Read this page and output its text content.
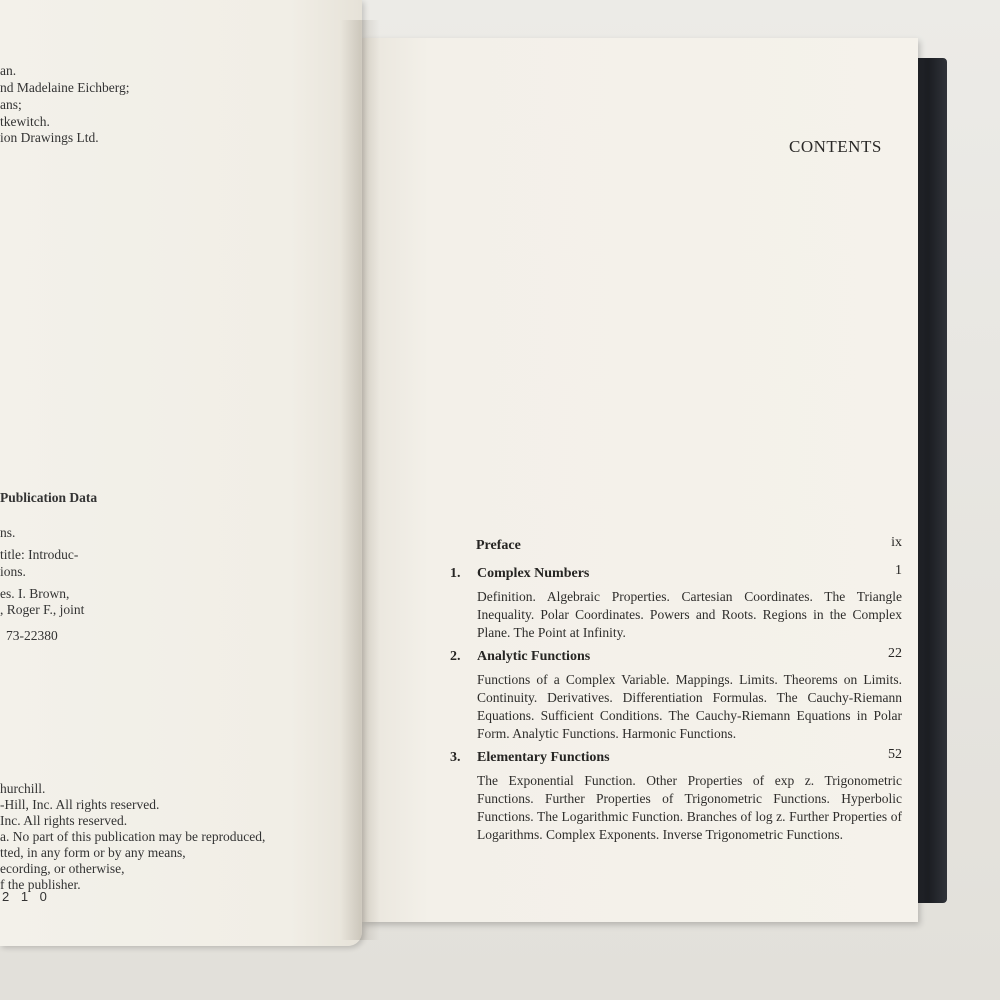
an.
nd Madelaine Eichberg;
ans;
tkewitch.
ion Drawings Ltd.
Publication Data
ns.
title: Introduc-
ions.
es. I. Brown,
, Roger F., joint
73-22380
hurchill.
-Hill, Inc. All rights reserved.
Inc. All rights reserved.
a. No part of this publication may be reproduced,
tted, in any form or by any means,
ecording, or otherwise,
f the publisher.
2 1 0
CONTENTS
Preface	ix
1.	Complex Numbers	1
Definition. Algebraic Properties. Cartesian Coordinates. The Triangle Inequality. Polar Coordinates. Powers and Roots. Regions in the Complex Plane. The Point at Infinity.
2.	Analytic Functions	22
Functions of a Complex Variable. Mappings. Limits. Theorems on Limits. Continuity. Derivatives. Differentiation Formulas. The Cauchy-Riemann Equations. Sufficient Conditions. The Cauchy-Riemann Equations in Polar Form. Analytic Functions. Harmonic Functions.
3.	Elementary Functions	52
The Exponential Function. Other Properties of exp z. Trigonometric Functions. Further Properties of Trigonometric Functions. Hyperbolic Functions. The Logarithmic Function. Branches of log z. Further Properties of Logarithms. Complex Exponents. Inverse Trigonometric Functions.
